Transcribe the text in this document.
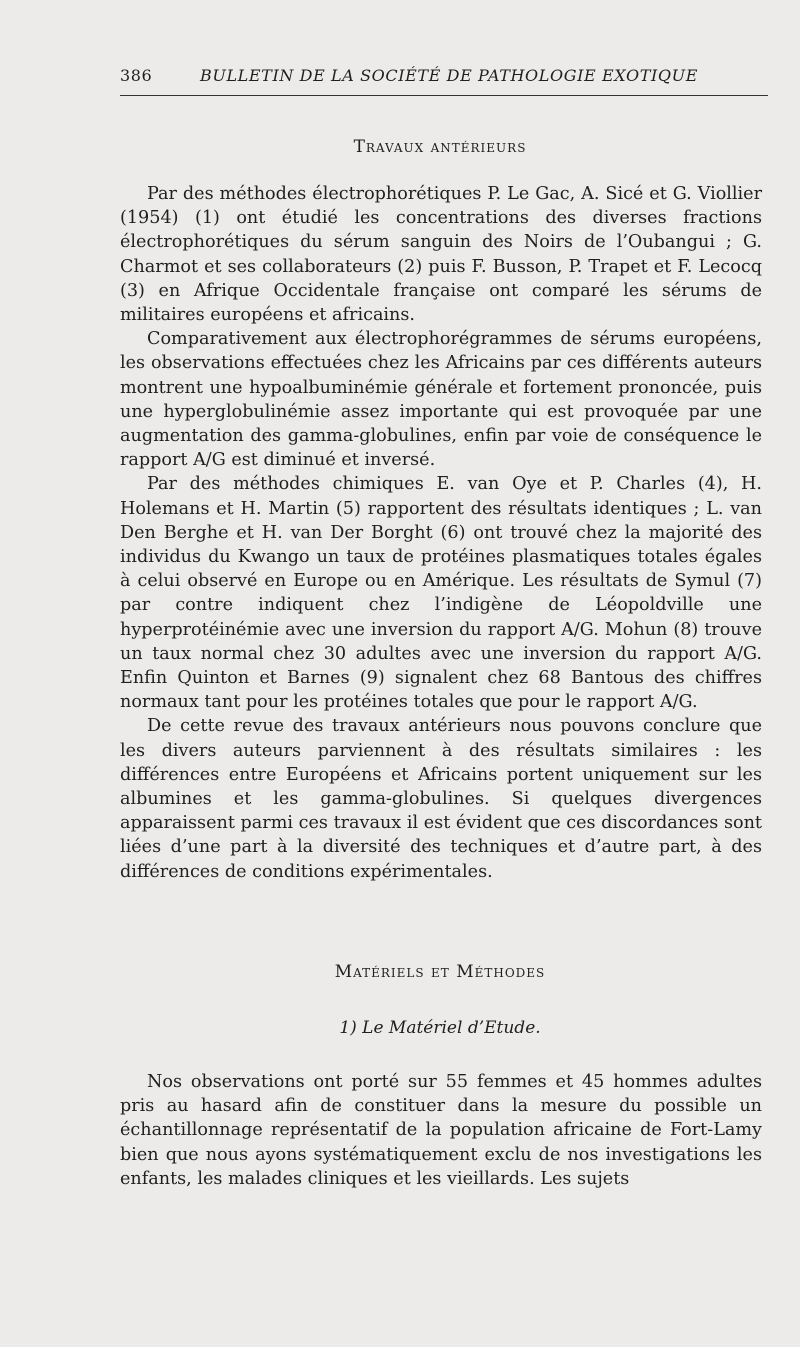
386	BULLETIN DE LA SOCIÉTÉ DE PATHOLOGIE EXOTIQUE
Travaux antérieurs

Par des méthodes électrophorétiques P. Le Gac, A. Sicé et G. Viollier (1954) (1) ont étudié les concentrations des diverses fractions électrophorétiques du sérum sanguin des Noirs de l’Oubangui ; G. Charmot et ses collaborateurs (2) puis F. Busson, P. Trapet et F. Lecocq (3) en Afrique Occidentale française ont comparé les sérums de militaires européens et africains.

Comparativement aux électrophorégrammes de sérums européens, les observations effectuées chez les Africains par ces différents auteurs montrent une hypoalbuminémie générale et fortement prononcée, puis une hyperglobulinémie assez importante qui est provoquée par une augmentation des gamma-globulines, enfin par voie de conséquence le rapport A/G est diminué et inversé.

Par des méthodes chimiques E. van Oye et P. Charles (4), H. Holemans et H. Martin (5) rapportent des résultats identiques ; L. van Den Berghe et H. van Der Borght (6) ont trouvé chez la majorité des individus du Kwango un taux de protéines plasmatiques totales égales à celui observé en Europe ou en Amérique. Les résultats de Symul (7) par contre indiquent chez l’indigène de Léopoldville une hyperprotéinémie avec une inversion du rapport A/G. Mohun (8) trouve un taux normal chez 30 adultes avec une inversion du rapport A/G. Enfin Quinton et Barnes (9) signalent chez 68 Bantous des chiffres normaux tant pour les protéines totales que pour le rapport A/G.

De cette revue des travaux antérieurs nous pouvons conclure que les divers auteurs parviennent à des résultats similaires : les différences entre Européens et Africains portent uniquement sur les albumines et les gamma-globulines. Si quelques divergences apparaissent parmi ces travaux il est évident que ces discordances sont liées d’une part à la diversité des techniques et d’autre part, à des différences de conditions expérimentales.

Matériels et Méthodes
1) Le Matériel d’Etude.

Nos observations ont porté sur 55 femmes et 45 hommes adultes pris au hasard afin de constituer dans la mesure du possible un échantillonnage représentatif de la population africaine de Fort-Lamy bien que nous ayons systématiquement exclu de nos investigations les enfants, les malades cliniques et les vieillards. Les sujets
